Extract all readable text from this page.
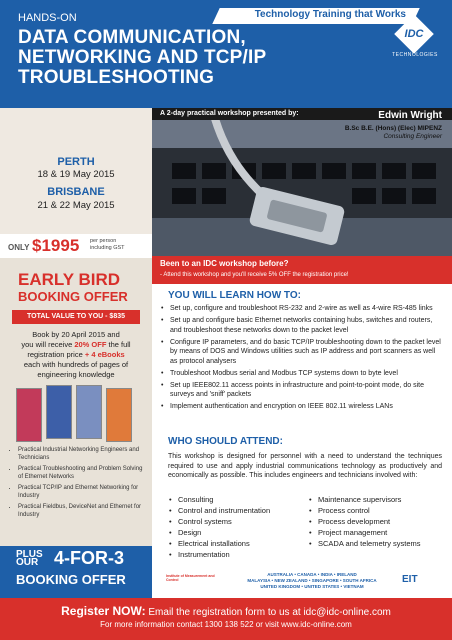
Technology Training that Works
IDC
TECHNOLOGIES
HANDS-ON
DATA COMMUNICATION,
NETWORKING AND TCP/IP
TROUBLESHOOTING
PERTH
18 & 19 May 2015
BRISBANE
21 & 22 May 2015
ONLY $1995 per person
including GST
EARLY BIRD
BOOKING OFFER
TOTAL VALUE TO YOU - $835
Book by 20 April 2015 and
you will receive 20% OFF the full
registration price + 4 eBooks
each with hundreds of pages of
engineering knowledge
• Practical Industrial Networking Engineers and Technicians
• Practical Troubleshooting and Problem Solving of Ethernet Networks
• Practical TCP/IP and Ethernet Networking for Industry
• Practical Fieldbus, DeviceNet and Ethernet for Industry
PLUS
OUR 4-FOR-3
BOOKING OFFER
A 2-day practical workshop presented by:	Edwin Wright
B.Sc B.E. (Hons) (Elec) MIPENZ
Consulting Engineer
Been to an IDC workshop before?
- Attend this workshop and you'll receive 5% OFF the registration price!
YOU WILL LEARN HOW TO:
• Set up, configure and troubleshoot RS-232 and 2-wire as well as 4-wire RS-485 links
• Set up and configure basic Ethernet networks containing hubs, switches and routers, and troubleshoot these networks down to the packet level
• Configure IP parameters, and do basic TCP/IP troubleshooting down to the packet level by means of DOS and Windows utilities such as IP address and port scanners as well as protocol analysers
• Troubleshoot Modbus serial and Modbus TCP systems down to byte level
• Set up IEEE802.11 access points in infrastructure and point-to-point mode, do site surveys and 'sniff' packets
• Implement authentication and encryption on IEEE 802.11 wireless LANs
WHO SHOULD ATTEND:

This workshop is designed for personnel with a need to understand the techniques required to use and apply industrial communications technology as productively and economically as possible. This includes engineers and technicians involved with:

• Consulting
• Control and instrumentation
• Control systems
• Design
• Electrical installations
• Instrumentation
• Maintenance supervisors
• Process control
• Process development
• Project management
• SCADA and telemetry systems
Institute of Measurement and Control
AUSTRALIA • CANADA • INDIA • IRELAND
MALAYSIA • NEW ZEALAND • SINGAPORE • SOUTH AFRICA
UNITED KINGDOM • UNITED STATES • VIETNAM
EIT
Register NOW: Email the registration form to us at idc@idc-online.com
For more information contact 1300 138 522 or visit www.idc-online.com
